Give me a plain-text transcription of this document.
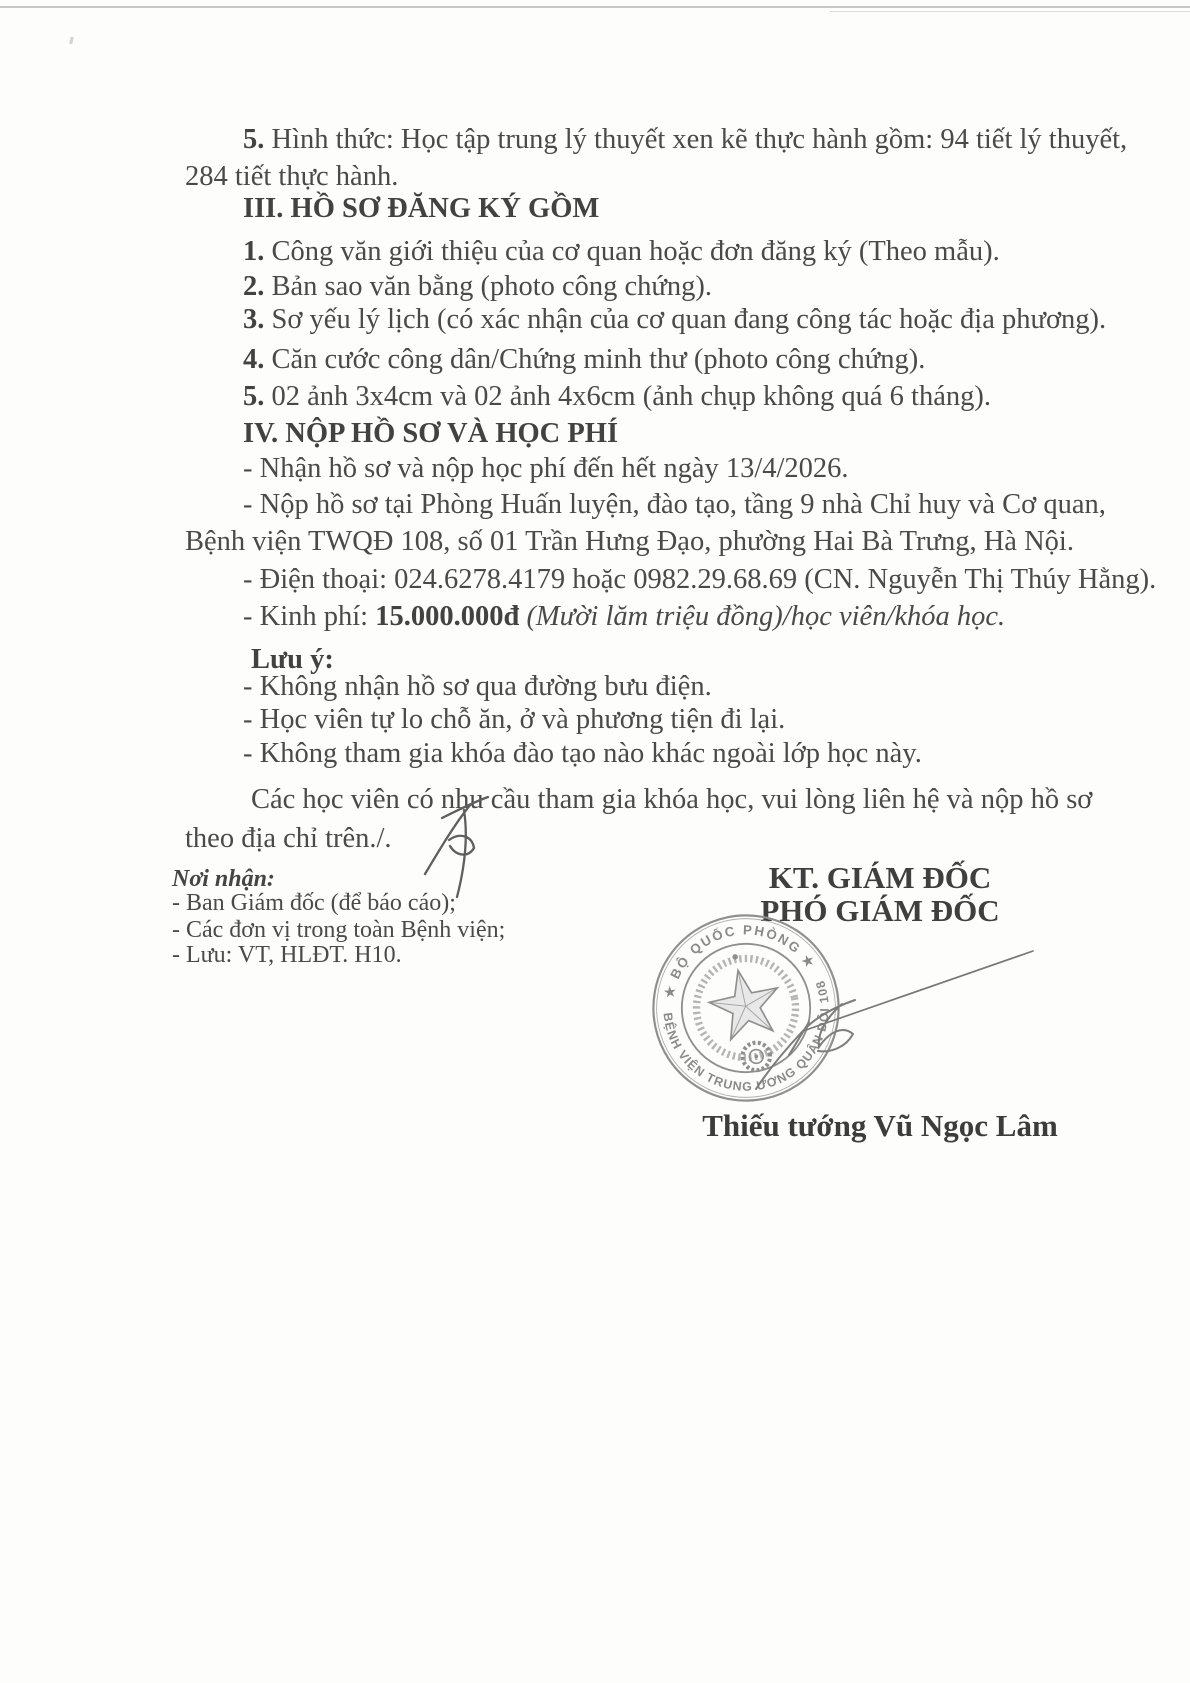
5. Hình thức: Học tập trung lý thuyết xen kẽ thực hành gồm: 94 tiết lý thuyết,
284 tiết thực hành.
III. HỒ SƠ ĐĂNG KÝ GỒM
1. Công văn giới thiệu của cơ quan hoặc đơn đăng ký (Theo mẫu).
2. Bản sao văn bằng (photo công chứng).
3. Sơ yếu lý lịch (có xác nhận của cơ quan đang công tác hoặc địa phương).
4. Căn cước công dân/Chứng minh thư (photo công chứng).
5. 02 ảnh 3x4cm và 02 ảnh 4x6cm (ảnh chụp không quá 6 tháng).
IV. NỘP HỒ SƠ VÀ HỌC PHÍ
- Nhận hồ sơ và nộp học phí đến hết ngày 13/4/2026.
- Nộp hồ sơ tại Phòng Huấn luyện, đào tạo, tầng 9 nhà Chỉ huy và Cơ quan,
Bệnh viện TWQĐ 108, số 01 Trần Hưng Đạo, phường Hai Bà Trưng, Hà Nội.
- Điện thoại: 024.6278.4179 hoặc 0982.29.68.69 (CN. Nguyễn Thị Thúy Hằng).
- Kinh phí: 15.000.000đ (Mười lăm triệu đồng)/học viên/khóa học.
Lưu ý:
- Không nhận hồ sơ qua đường bưu điện.
- Học viên tự lo chỗ ăn, ở và phương tiện đi lại.
- Không tham gia khóa đào tạo nào khác ngoài lớp học này.
Các học viên có nhu cầu tham gia khóa học, vui lòng liên hệ và nộp hồ sơ
theo địa chỉ trên./.
Nơi nhận:
- Ban Giám đốc (để báo cáo);
- Các đơn vị trong toàn Bệnh viện;
- Lưu: VT, HLĐT. H10.
KT. GIÁM ĐỐC
PHÓ GIÁM ĐỐC
Thiếu tướng Vũ Ngọc Lâm
★ BỘ QUỐC PHÒNG ★
BỆNH VIỆN TRUNG ƯƠNG QUÂN ĐỘI 108
